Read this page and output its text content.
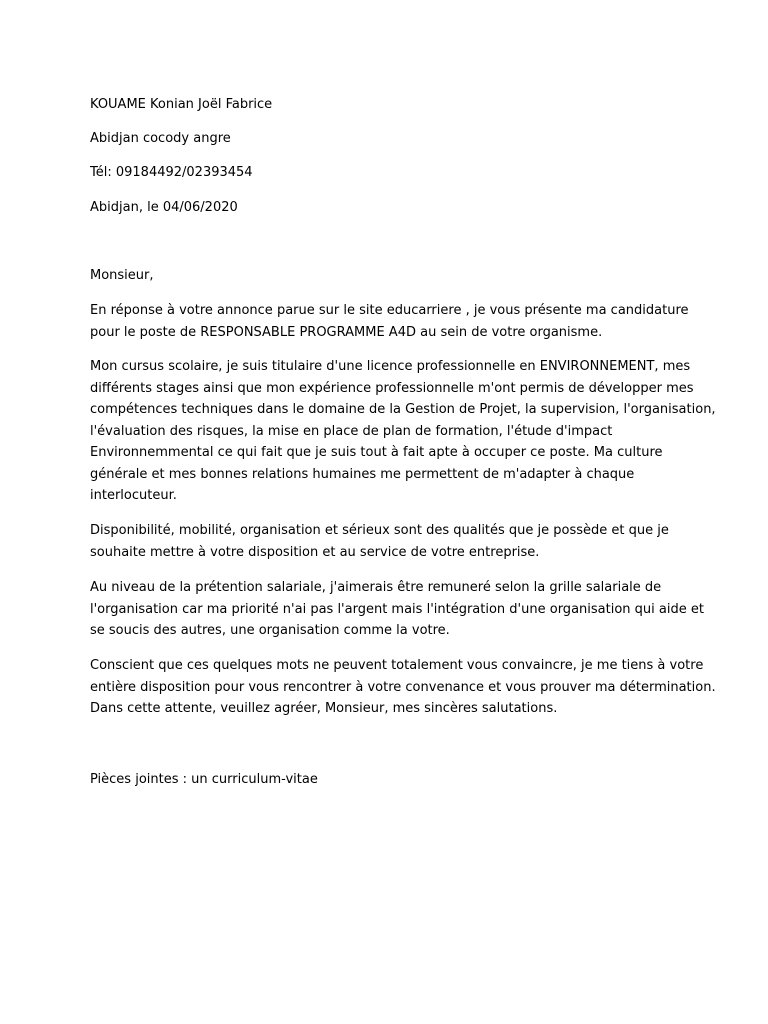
KOUAME Konian Joël Fabrice

Abidjan cocody angre

Tél: 09184492/02393454

Abidjan, le 04/06/2020

Monsieur,

En réponse à votre annonce parue sur le site educarriere , je vous présente ma candidature

pour le poste de RESPONSABLE PROGRAMME A4D au sein de votre organisme.

Mon cursus scolaire, je suis titulaire d'une licence professionnelle en ENVIRONNEMENT, mes

différents stages ainsi que mon expérience professionnelle m'ont permis de développer mes

compétences techniques dans le domaine de la Gestion de Projet, la supervision, l'organisation,

l'évaluation des risques, la mise en place de plan de formation, l'étude d'impact

Environnemmental ce qui fait que je suis tout à fait apte à occuper ce poste. Ma culture

générale et mes bonnes relations humaines me permettent de m'adapter à chaque

interlocuteur.

Disponibilité, mobilité, organisation et sérieux sont des qualités que je possède et que je

souhaite mettre à votre disposition et au service de votre entreprise.

Au niveau de la prétention salariale, j'aimerais être remuneré selon la grille salariale de

l'organisation car ma priorité n'ai pas l'argent mais l'intégration d'une organisation qui aide et

se soucis des autres, une organisation comme la votre.

Conscient que ces quelques mots ne peuvent totalement vous convaincre, je me tiens à votre

entière disposition pour vous rencontrer à votre convenance et vous prouver ma détermination.

Dans cette attente, veuillez agréer, Monsieur, mes sincères salutations.

Pièces jointes : un curriculum-vitae
